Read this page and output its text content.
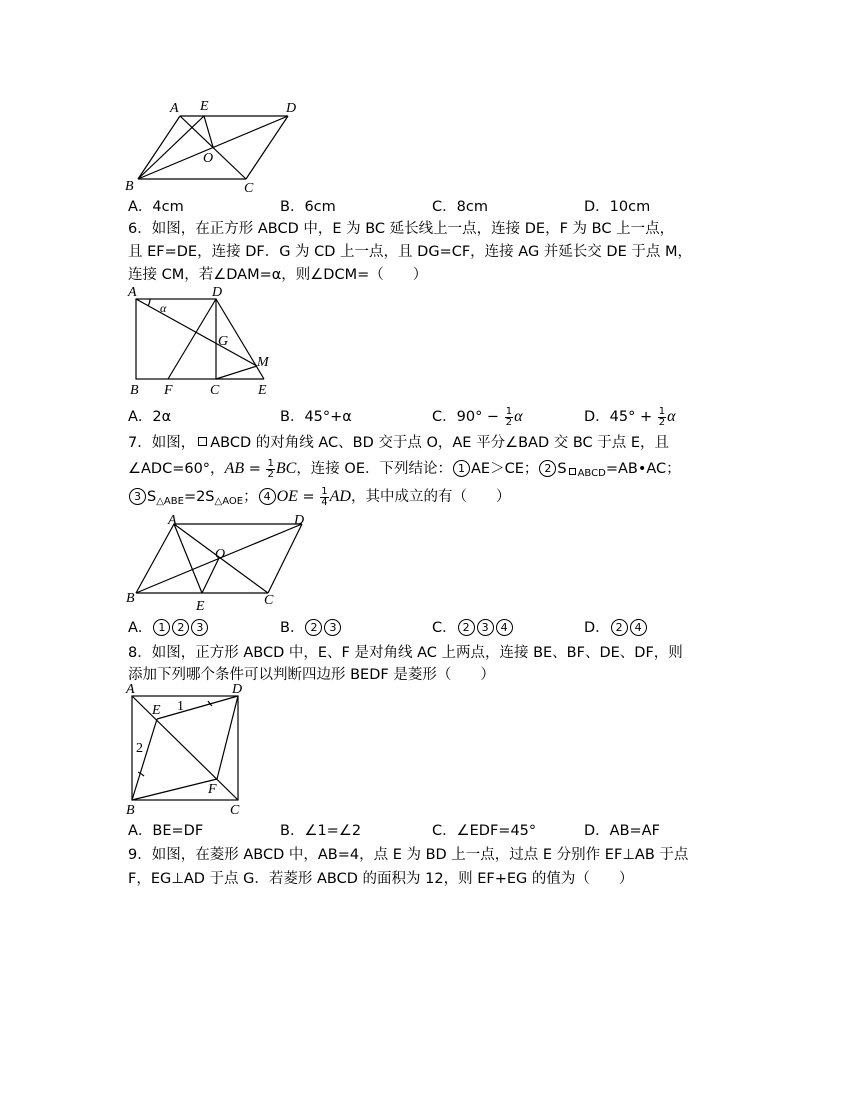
A E	D
O
B	C
A．4cm	B．6cm	C．8cm	D．10cm
6．如图，在正方形 ABCD 中，E 为 BC 延长线上一点，连接 DE，F 为 BC 上一点，
且 EF=DE，连接 DF．G 为 CD 上一点，且 DG=CF，连接 AG 并延长交 DE 于点 M，
连接 CM，若∠DAM=α，则∠DCM=（　　）
A	D
α
G
M
B F	C	E
A．2α	B．45°+α	C．$90^\circ - \frac{1}{2}$ α	D．$45^\circ + \frac{1}{2}$ α
7．如图， ABCD 的对角线 AC、BD 交于点 O，AE 平分∠BAD 交 BC 于点 E，且
∠ADC=60°，AB = $\frac{1}{2}$ BC，连接 OE．下列结论： 1 AE＞CE； 2 S $_{ABCD}$=AB•AC；
3 $S_{\triangle ABE}=2S_{\triangle AOE}$； 4 OE = $\frac{1}{4}$ AD，其中成立的有（　　）
A	D
O
B
E	C
A． 1 2 3	B． 2 3	C． 2 3 4	D． 2 4
8．如图，正方形 ABCD 中，E、F 是对角线 AC 上两点，连接 BE、BF、DE、DF，则
添加下列哪个条件可以判断四边形 BEDF 是菱形（　　）
A	D
E 1
2
F
B	C
A．BE=DF	B．∠1=∠2	C．∠EDF=45°	D．AB=AF
9．如图，在菱形 ABCD 中，AB=4，点 E 为 BD 上一点，过点 E 分别作 EF⊥AB 于点
F，EG⊥AD 于点 G．若菱形 ABCD 的面积为 12，则 EF+EG 的值为（　　）
